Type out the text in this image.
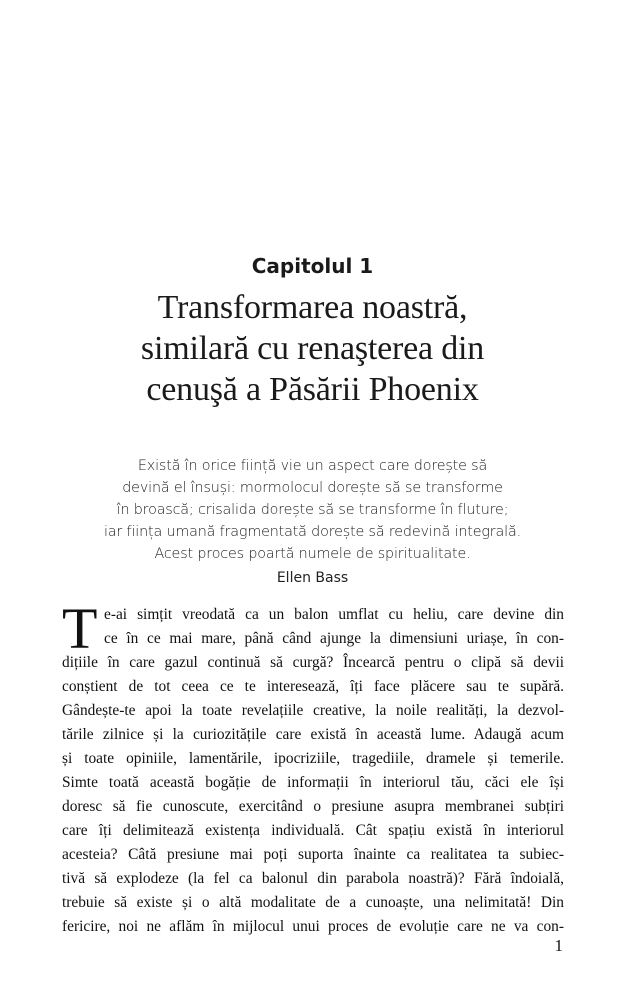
Capitolul 1
Transformarea noastră,
similară cu renaşterea din
cenuşă a Păsării Phoenix
Există în orice ființă vie un aspect care dorește să
devină el însuși: mormolocul dorește să se transforme
în broască; crisalida dorește să se transforme în fluture;
iar ființa umană fragmentată dorește să redevină integrală.
Acest proces poartă numele de spiritualitate.
Ellen Bass
T e-ai simțit vreodată ca un balon umflat cu heliu, care devine din
ce în ce mai mare, până când ajunge la dimensiuni uriașe, în con-
dițiile în care gazul continuă să curgă? Încearcă pentru o clipă să devii
conștient de tot ceea ce te interesează, îți face plăcere sau te supără.
Gândește-te apoi la toate revelațiile creative, la noile realități, la dezvol-
tările zilnice și la curiozitățile care există în această lume. Adaugă acum
și toate opiniile, lamentările, ipocriziile, tragediile, dramele și temerile.
Simte toată această bogăție de informații în interiorul tău, căci ele își
doresc să fie cunoscute, exercitând o presiune asupra membranei subțiri
care îți delimitează existența individuală. Cât spațiu există în interiorul
acesteia? Câtă presiune mai poți suporta înainte ca realitatea ta subiec-
tivă să explodeze (la fel ca balonul din parabola noastră)? Fără îndoială,
trebuie să existe și o altă modalitate de a cunoaște, una nelimitată! Din
fericire, noi ne aflăm în mijlocul unui proces de evoluție care ne va con-
1
